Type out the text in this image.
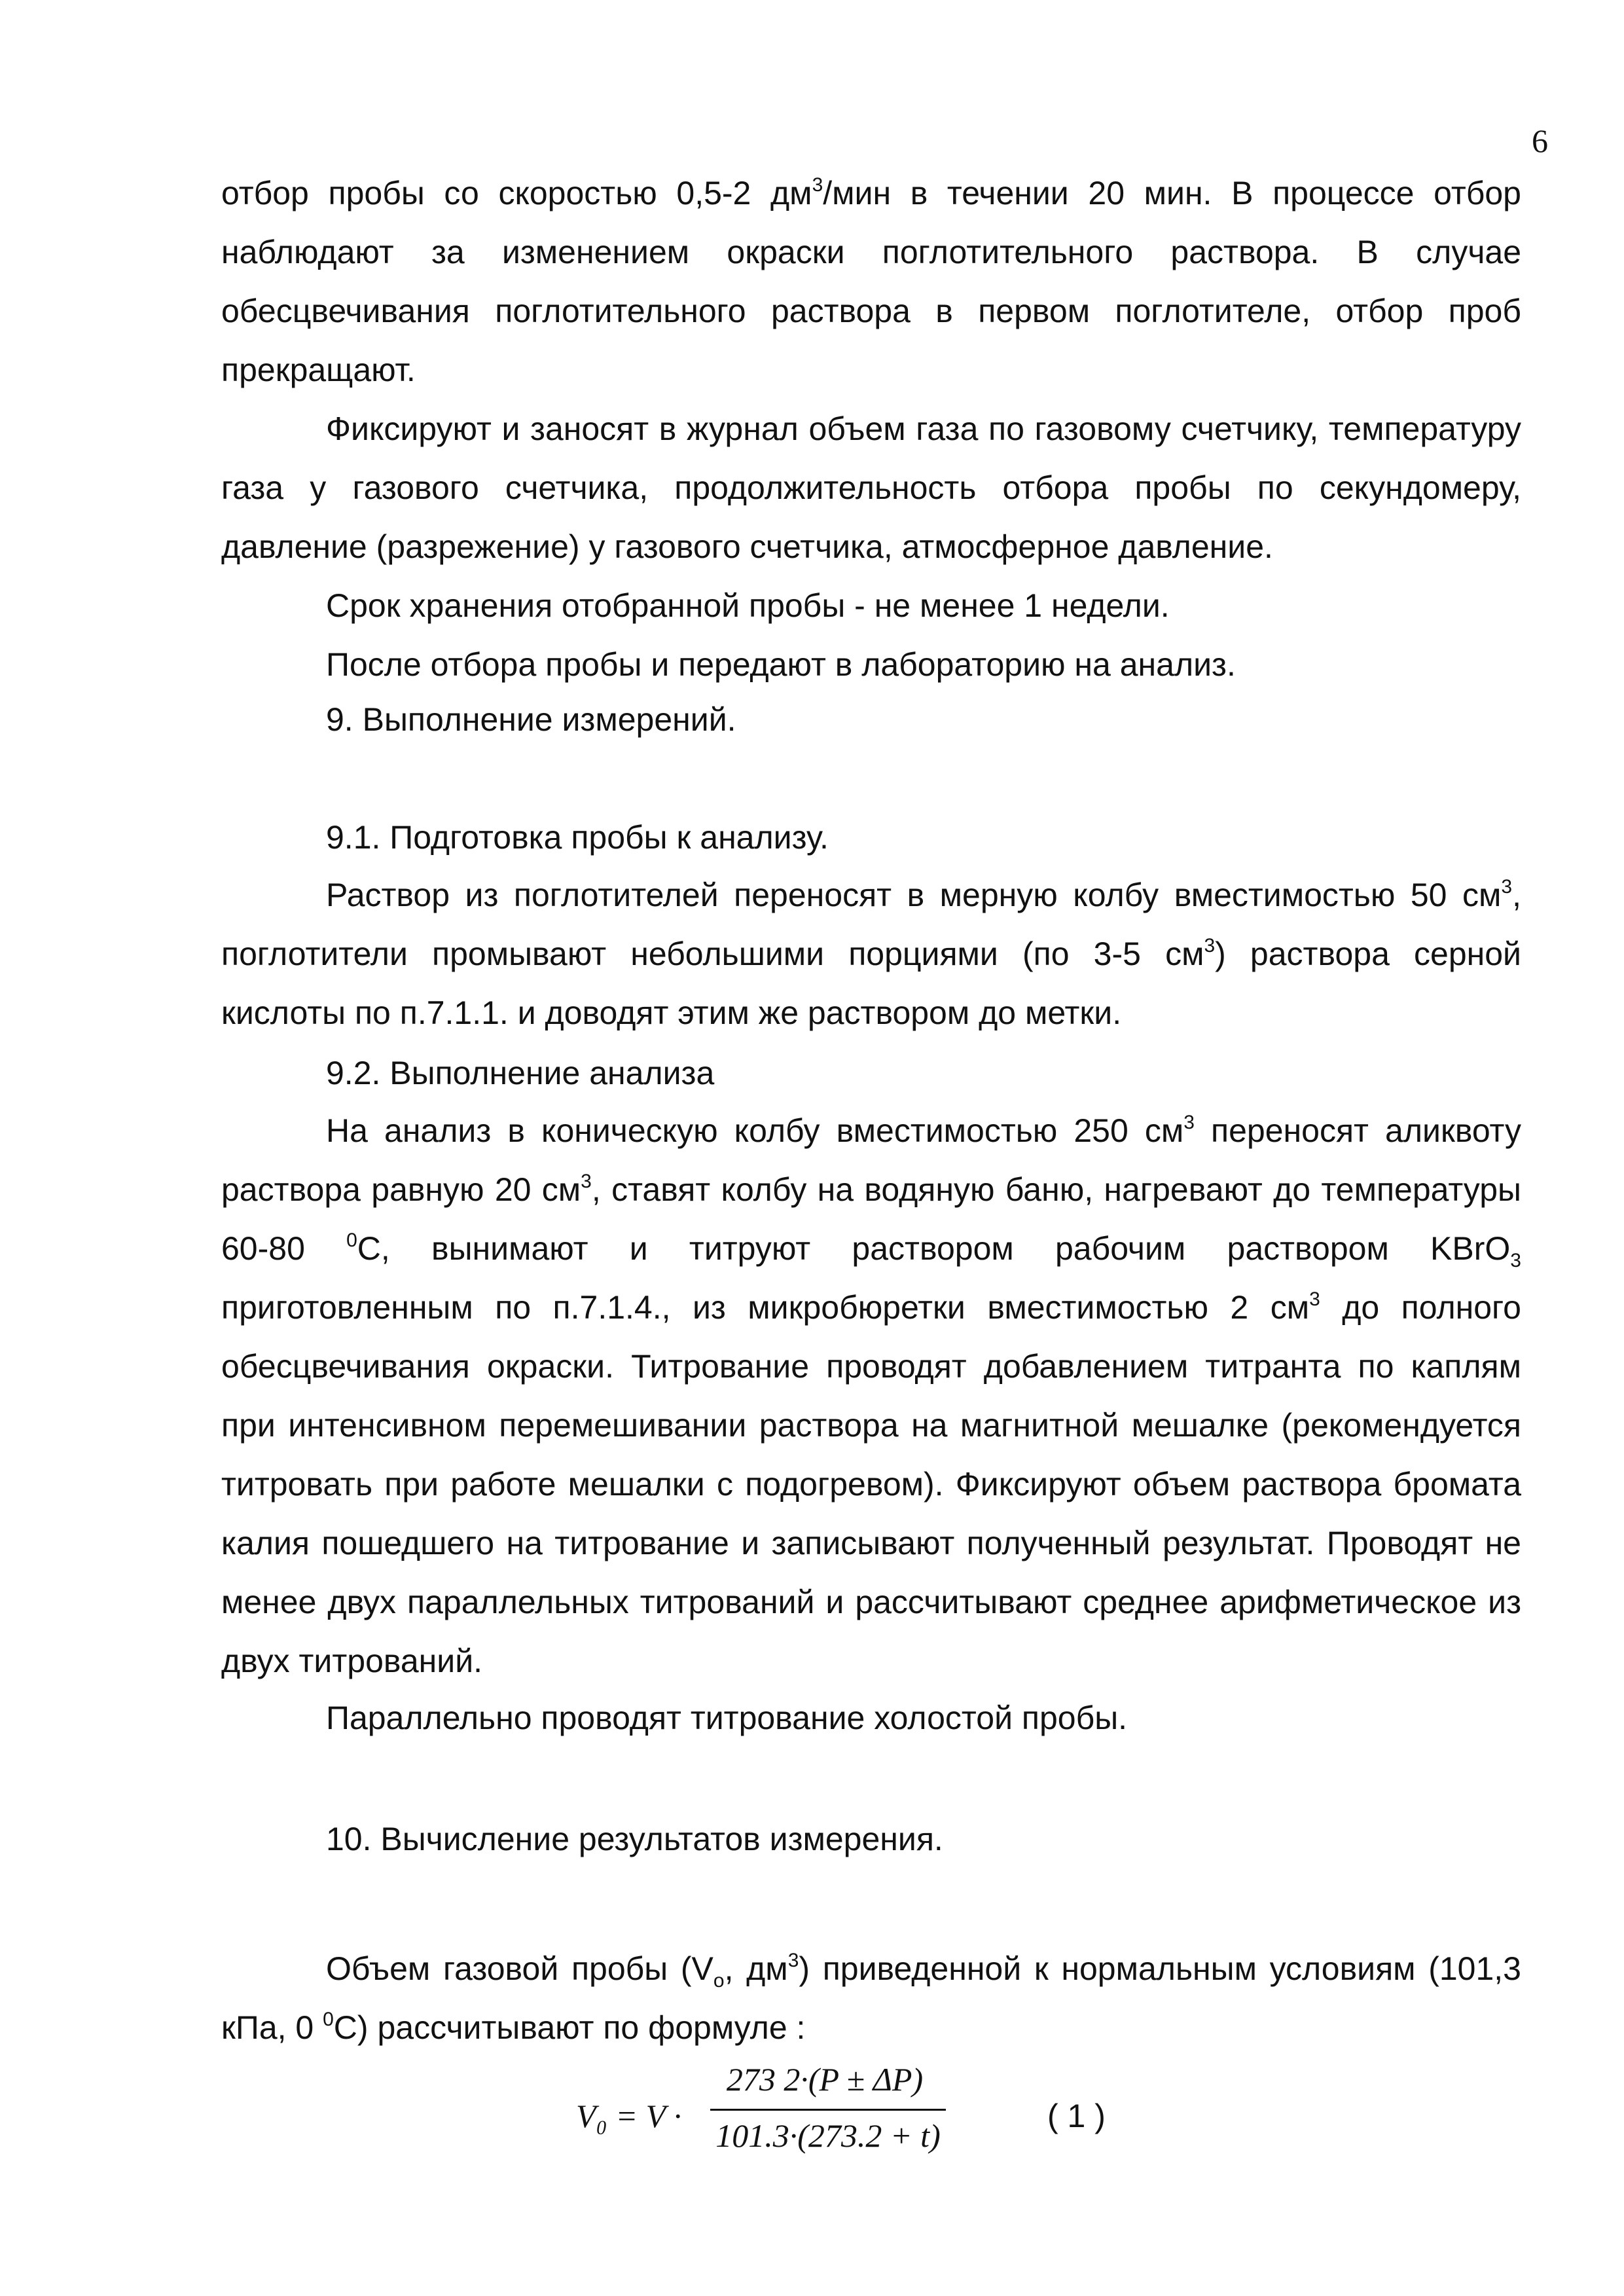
6

отбор пробы со скоростью 0,5-2 $дм^3$/мин в течении 20 мин. В процессе отбор наблюдают за изменением окраски поглотительного раствора. В случае обесцвечивания поглотительного раствора в первом поглотителе, отбор проб прекращают.

Фиксируют и заносят в журнал объем газа по газовому счетчику, температуру газа у газового счетчика, продолжительность отбора пробы по секундомеру, давление (разрежение) у газового счетчика, атмосферное давление.

Срок хранения отобранной пробы - не менее 1 недели.

После отбора пробы и передают в лабораторию на анализ.

9. Выполнение измерений.
9.1. Подготовка пробы к анализу.

Раствор из поглотителей переносят в мерную колбу вместимостью 50 $см^3$, поглотители промывают небольшими порциями (по 3-5 $см^3$) раствора серной кислоты по п.7.1.1. и доводят этим же раствором до метки.

9.2. Выполнение анализа

На анализ в коническую колбу вместимостью 250 $см^3$ переносят аликвоту раствора равную 20 $см^3$, ставят колбу на водяную баню, нагревают до температуры 60-80 $^0$С, вынимают и титруют раствором рабочим раствором KBrO$_3$ приготовленным по п.7.1.4., из микробюретки вместимостью 2 $см^3$ до полного обесцвечивания окраски. Титрование проводят добавлением титранта по каплям при интенсивном перемешивании раствора на магнитной мешалке (рекомендуется титровать при работе мешалки с подогревом). Фиксируют объем раствора бромата калия пошедшего на титрование и записывают полученный результат. Проводят не менее двух параллельных титрований и рассчитывают среднее арифметическое из двух титрований.

Параллельно проводят титрование холостой пробы.
10. Вычисление результатов измерения.

Объем газовой пробы ($V_o$, $дм^3$) приведенной к нормальным условиям (101,3 кПа, 0 $^0$С) рассчитывают по формуле :

V₀ = V ·
273 2·(P ± ΔP)
101.3·(273.2 + t)
( 1 )
